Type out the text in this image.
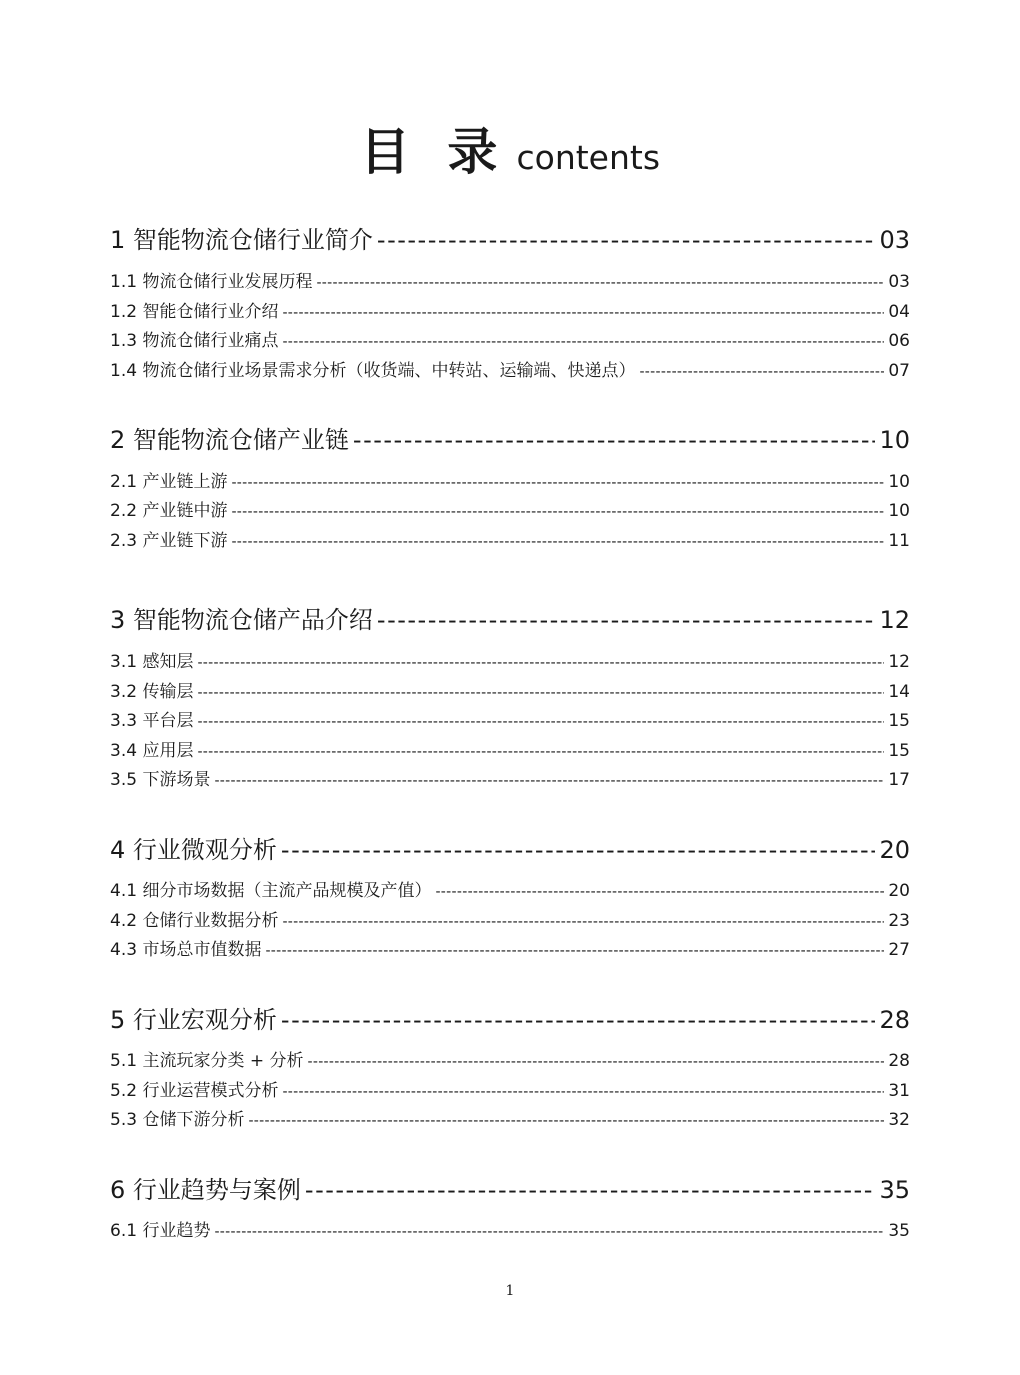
目 录 contents
1 智能物流仓储行业简介 -----	03
1.1 物流仓储行业发展历程 -----	03
1.2 智能仓储行业介绍 -----	04
1.3 物流仓储行业痛点 -----	06
1.4 物流仓储行业场景需求分析（收货端、中转站、运输端、快递点） -----	07
2 智能物流仓储产业链 -----	10
2.1 产业链上游 -----	10
2.2 产业链中游 -----	10
2.3 产业链下游 -----	11
3 智能物流仓储产品介绍 -----	12
3.1 感知层 -----	12
3.2 传输层 -----	14
3.3 平台层 -----	15
3.4 应用层 -----	15
3.5 下游场景 -----	17
4 行业微观分析 -----	20
4.1 细分市场数据（主流产品规模及产值） -----	20
4.2 仓储行业数据分析 -----	23
4.3 市场总市值数据 -----	27
5 行业宏观分析 -----	28
5.1 主流玩家分类 + 分析 -----	28
5.2 行业运营模式分析 -----	31
5.3 仓储下游分析 -----	32
6 行业趋势与案例 -----	35
6.1 行业趋势 -----	35
1
